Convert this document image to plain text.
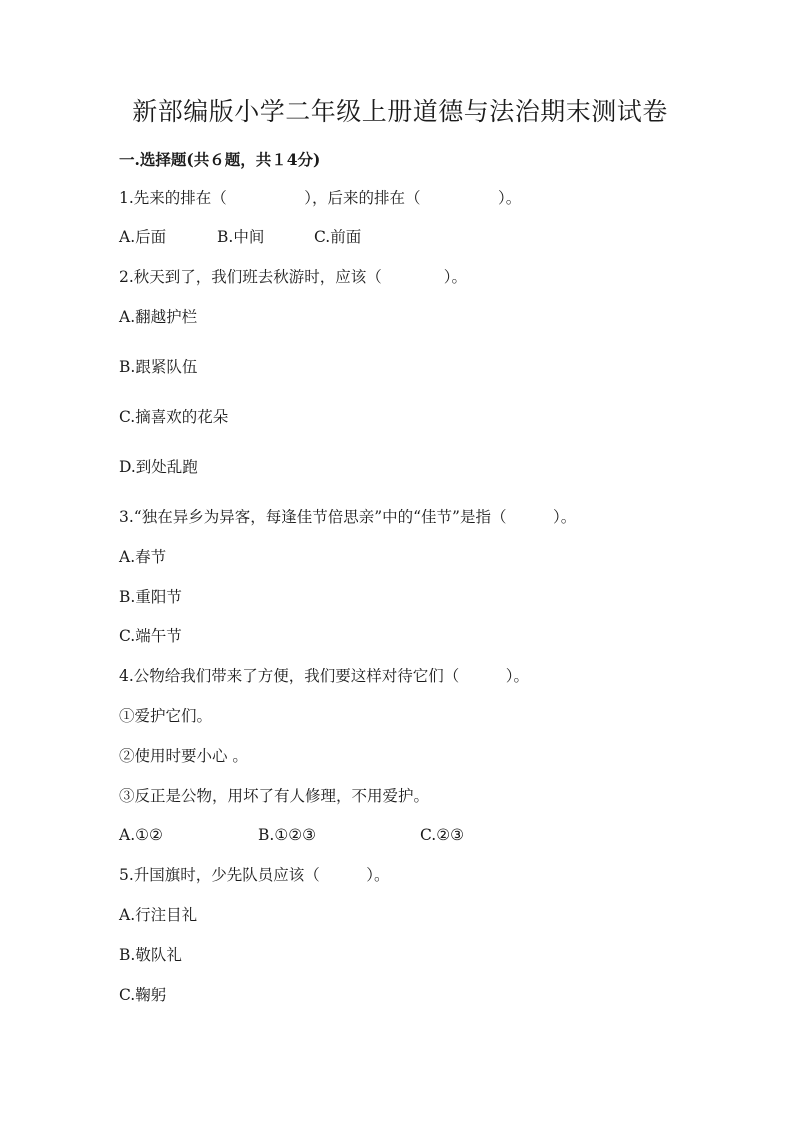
新部编版小学二年级上册道德与法治期末测试卷
一.选择题(共６题，共１4分)
1.先来的排在（　　　　　），后来的排在（　　　　　）。
A.后面	B.中间	C.前面
2.秋天到了，我们班去秋游时，应该（　　　　）。
A.翻越护栏
B.跟紧队伍
C.摘喜欢的花朵
D.到处乱跑
3.“独在异乡为异客，每逢佳节倍思亲”中的“佳节”是指（　　　）。
A.春节
B.重阳节
C.端午节
4.公物给我们带来了方便，我们要这样对待它们（　　　）。
①爱护它们。
②使用时要小心 。
③反正是公物，用坏了有人修理，不用爱护。
A.①②	B.①②③	C.②③
5.升国旗时，少先队员应该（　　　）。
A.行注目礼
B.敬队礼
C.鞠躬
